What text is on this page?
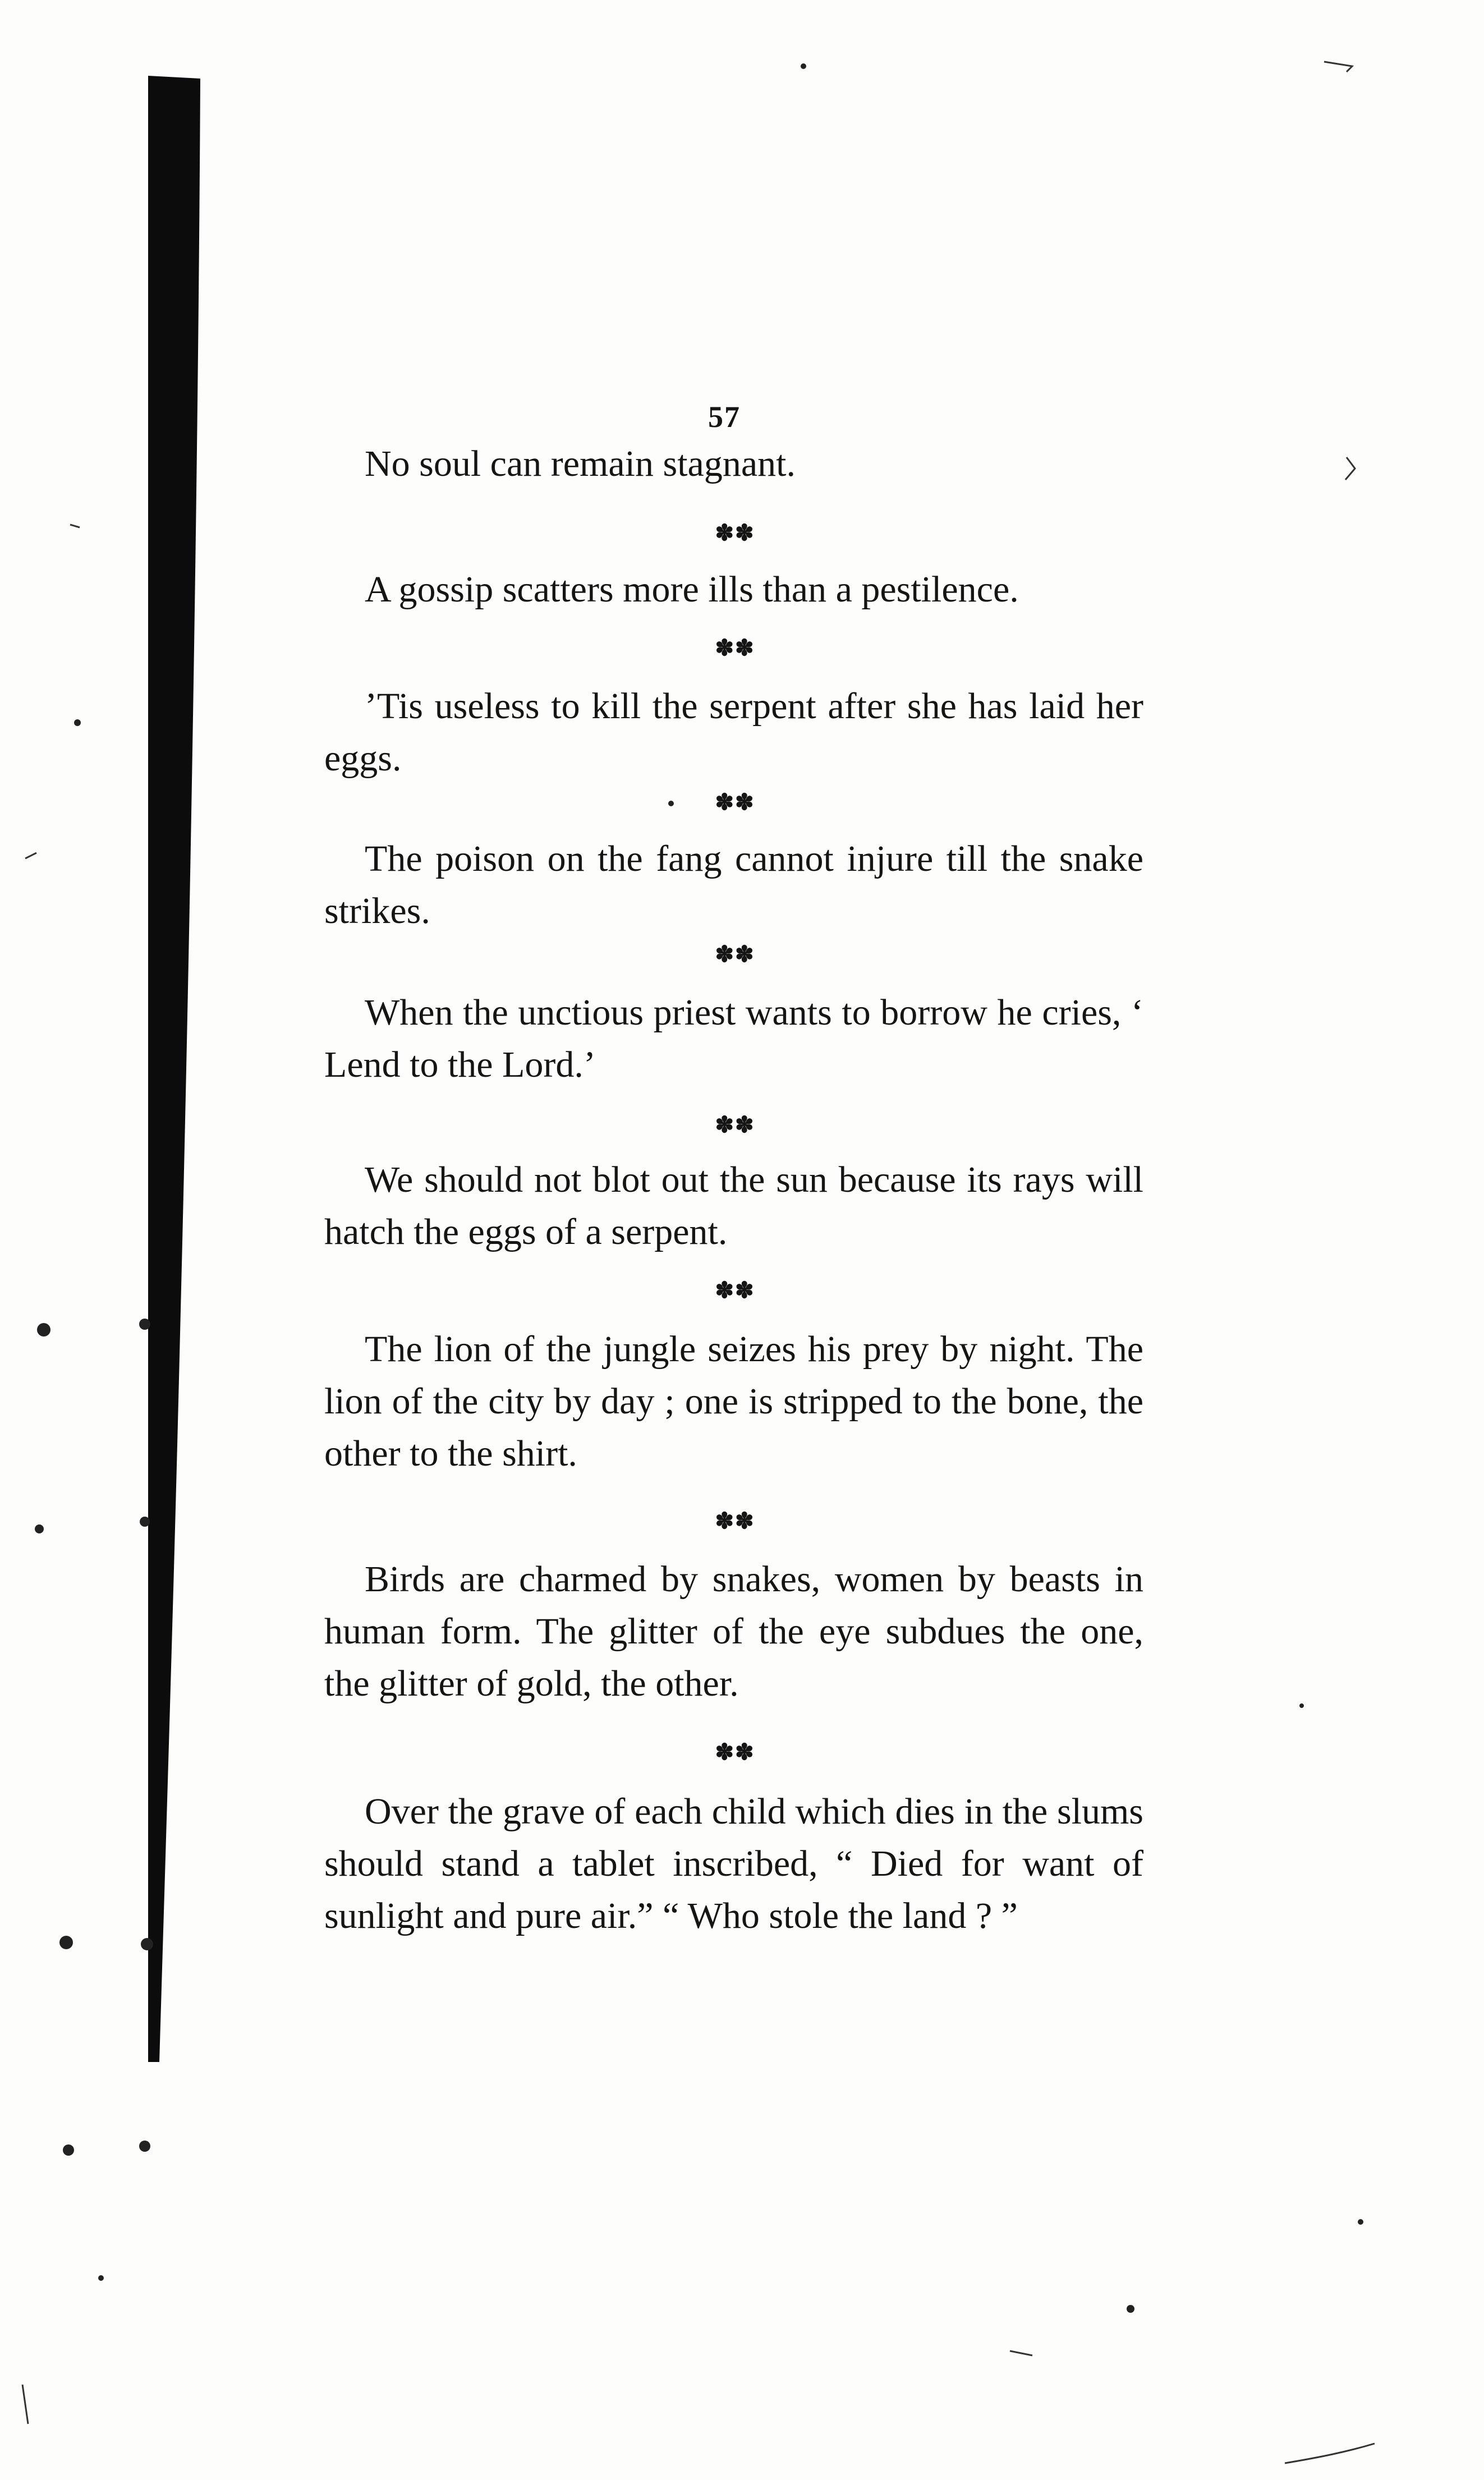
57

No soul can remain stagnant.

✽✽

A gossip scatters more ills than a pestilence.

✽✽

’Tis useless to kill the serpent after she has laid her eggs.

✽✽

The poison on the fang cannot injure till the snake strikes.

✽✽

When the unctious priest wants to borrow he cries, ‘ Lend to the Lord.’

✽✽

We should not blot out the sun because its rays will hatch the eggs of a serpent.

✽✽

The lion of the jungle seizes his prey by night. The lion of the city by day ; one is stripped to the bone, the other to the shirt.

✽✽

Birds are charmed by snakes, women by beasts in human form. The glitter of the eye subdues the one, the glitter of gold, the other.

✽✽

Over the grave of each child which dies in the slums should stand a tablet inscribed, “ Died for want of sunlight and pure air.” “ Who stole the land ? ”
